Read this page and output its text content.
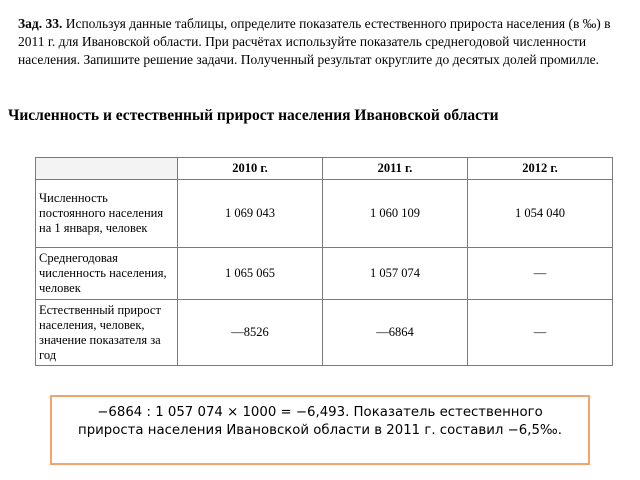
Зад. 33. Используя данные таблицы, определите показатель естественного прироста населения (в ‰) в 2011 г. для Ивановской области. При расчётах используйте показатель среднегодовой численности населения. Запишите решение задачи. Полученный результат округлите до десятых долей промилле.
Численность и естественный прирост населения Ивановской области
	2010 г.	2011 г.	2012 г.
Численность постоянного населения на 1 января, человек	1 069 043	1 060 109	1 054 040
Среднегодовая численность населения, человек	1 065 065	1 057 074	—
Естественный прирост населения, человек, значение показателя за год	—8526	—6864	—
−6864 : 1 057 074 × 1000 = −6,493. Показатель естественного прироста населения Ивановской области в 2011 г. составил −6,5‰.
